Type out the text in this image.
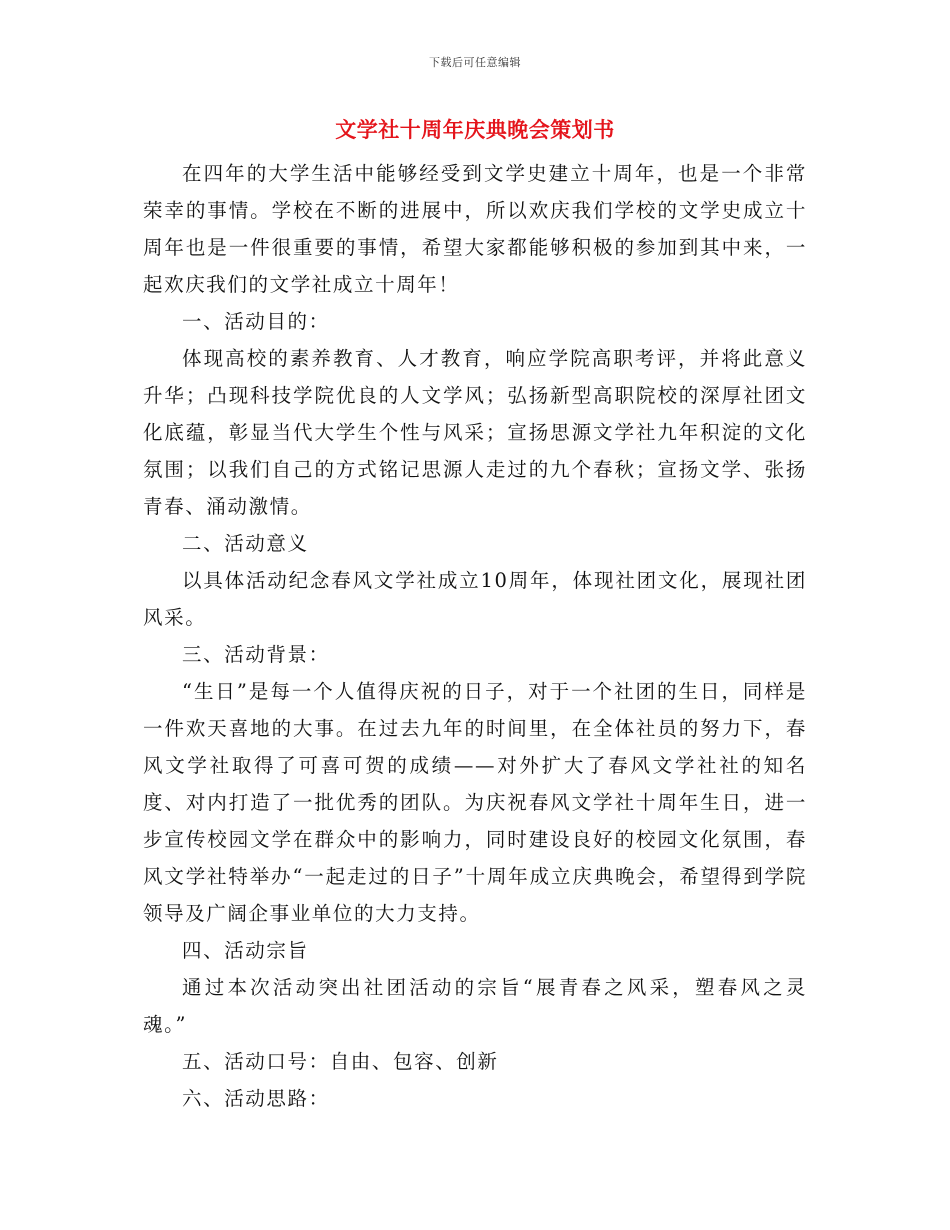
下载后可任意编辑
文学社十周年庆典晚会策划书

在四年的大学生活中能够经受到文学史建立十周年，也是一个非常荣幸的事情。学校在不断的进展中，所以欢庆我们学校的文学史成立十周年也是一件很重要的事情，希望大家都能够积极的参加到其中来，一起欢庆我们的文学社成立十周年！

一、活动目的：

体现高校的素养教育、人才教育，响应学院高职考评，并将此意义升华；凸现科技学院优良的人文学风；弘扬新型高职院校的深厚社团文化底蕴，彰显当代大学生个性与风采；宣扬思源文学社九年积淀的文化氛围；以我们自己的方式铭记思源人走过的九个春秋；宣扬文学、张扬青春、涌动激情。

二、活动意义

以具体活动纪念春风文学社成立10周年，体现社团文化，展现社团风采。

三、活动背景：

“生日”是每一个人值得庆祝的日子，对于一个社团的生日，同样是一件欢天喜地的大事。在过去九年的时间里，在全体社员的努力下，春风文学社取得了可喜可贺的成绩——对外扩大了春风文学社社的知名度、对内打造了一批优秀的团队。为庆祝春风文学社十周年生日，进一步宣传校园文学在群众中的影响力，同时建设良好的校园文化氛围，春风文学社特举办“一起走过的日子”十周年成立庆典晚会，希望得到学院领导及广阔企事业单位的大力支持。

四、活动宗旨

通过本次活动突出社团活动的宗旨“展青春之风采，塑春风之灵魂。”

五、活动口号：自由、包容、创新

六、活动思路：
